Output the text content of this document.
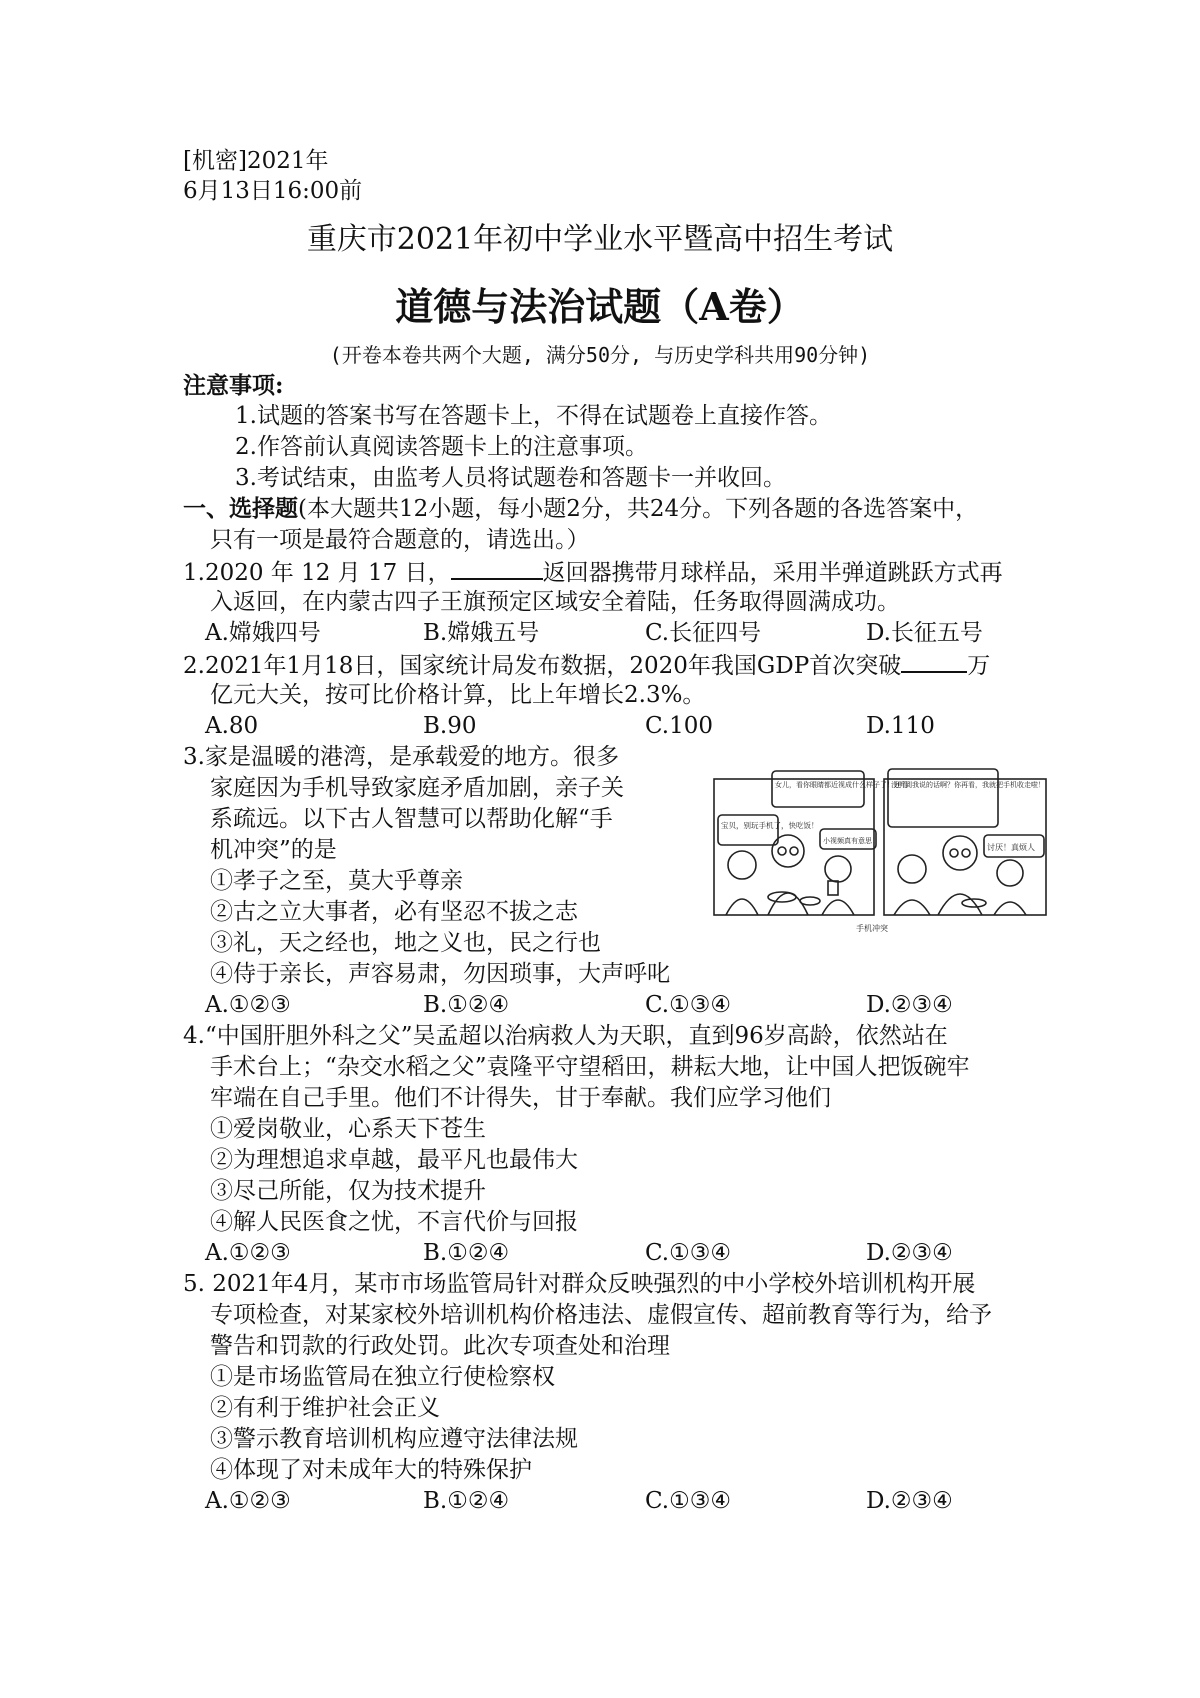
[机密]2021年
6月13日16:00前
重庆市2021年初中学业水平暨高中招生考试
道德与法治试题（A卷）
(开卷本卷共两个大题, 满分50分, 与历史学科共用90分钟)
注意事项:
1.试题的答案书写在答题卡上，不得在试题卷上直接作答。
2.作答前认真阅读答题卡上的注意事项。
3.考试结束，由监考人员将试题卷和答题卡一并收回。
一、选择题(本大题共12小题，每小题2分，共24分。下列各题的各选答案中，
只有一项是最符合题意的，请选出。）
1.2020 年 12 月 17 日，	返回器携带月球样品，采用半弹道跳跃方式再
入返回，在内蒙古四子王旗预定区域安全着陆，任务取得圆满成功。
A.嫦娥四号	B.嫦娥五号	C.长征四号	D.长征五号
2.2021年1月18日，国家统计局发布数据，2020年我国GDP首次突破	万
亿元大关，按可比价格计算，比上年增长2.3%。
A.80	B.90	C.100	D.110
3.家是温暖的港湾，是承载爱的地方。很多
家庭因为手机导致家庭矛盾加剧，亲子关
系疏远。以下古人智慧可以帮助化解“手
机冲突”的是
①孝子之至，莫大乎尊亲
②古之立大事者，必有坚忍不拔之志
③礼，天之经也，地之义也，民之行也
④侍于亲长，声容易肃，勿因琐事，大声呼叱
A.①②③	B.①②④	C.①③④	D.②③④
宝贝，别玩手机了，快吃饭！
女儿，看你眼睛都近视成什么样子了！还看！
小视频真有意思！
没听到我说的话啊？你再看，我就把手机收走啦！
讨厌！真烦人
手机冲突
4.“中国肝胆外科之父”吴孟超以治病救人为天职，直到96岁高龄，依然站在
手术台上；“杂交水稻之父”袁隆平守望稻田，耕耘大地，让中国人把饭碗牢
牢端在自己手里。他们不计得失，甘于奉献。我们应学习他们
①爱岗敬业，心系天下苍生
②为理想追求卓越，最平凡也最伟大
③尽己所能，仅为技术提升
④解人民医食之忧，不言代价与回报
A.①②③	B.①②④	C.①③④	D.②③④
5. 2021年4月，某市市场监管局针对群众反映强烈的中小学校外培训机构开展
专项检查，对某家校外培训机构价格违法、虚假宣传、超前教育等行为，给予
警告和罚款的行政处罚。此次专项查处和治理
①是市场监管局在独立行使检察权
②有利于维护社会正义
③警示教育培训机构应遵守法律法规
④体现了对未成年大的特殊保护
A.①②③	B.①②④	C.①③④	D.②③④
